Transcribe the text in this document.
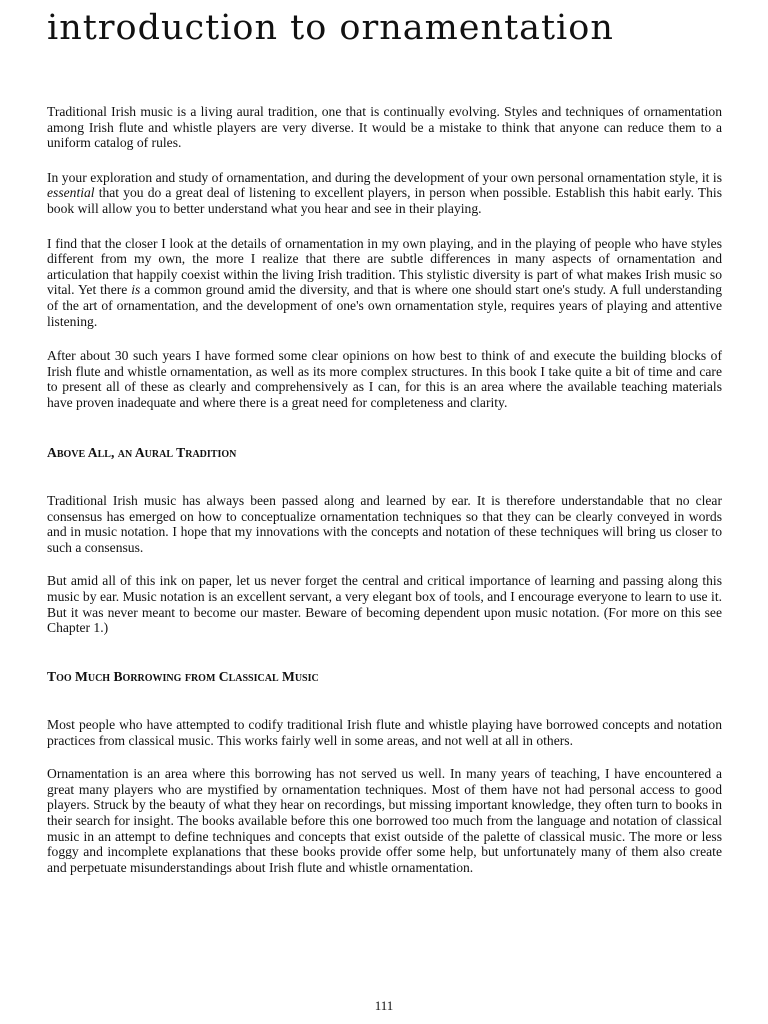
introduction to ornamentation

Traditional Irish music is a living aural tradition, one that is continually evolving. Styles and techniques of ornamentation among Irish flute and whistle players are very diverse. It would be a mistake to think that anyone can reduce them to a uniform catalog of rules.

In your exploration and study of ornamentation, and during the development of your own personal ornamentation style, it is essential that you do a great deal of listening to excellent players, in person when possible. Establish this habit early. This book will allow you to better understand what you hear and see in their playing.

I find that the closer I look at the details of ornamentation in my own playing, and in the playing of people who have styles different from my own, the more I realize that there are subtle differences in many aspects of ornamentation and articulation that happily coexist within the living Irish tradition. This stylistic diversity is part of what makes Irish music so vital. Yet there is a common ground amid the diversity, and that is where one should start one's study. A full understanding of the art of ornamentation, and the development of one's own ornamentation style, requires years of playing and attentive listening.

After about 30 such years I have formed some clear opinions on how best to think of and execute the building blocks of Irish flute and whistle ornamentation, as well as its more complex structures. In this book I take quite a bit of time and care to present all of these as clearly and comprehensively as I can, for this is an area where the available teaching materials have proven inadequate and where there is a great need for completeness and clarity.

Above All, an Aural Tradition

Traditional Irish music has always been passed along and learned by ear. It is therefore understandable that no clear consensus has emerged on how to conceptualize ornamentation techniques so that they can be clearly conveyed in words and in music notation. I hope that my innovations with the concepts and notation of these techniques will bring us closer to such a consensus.

But amid all of this ink on paper, let us never forget the central and critical importance of learning and passing along this music by ear. Music notation is an excellent servant, a very elegant box of tools, and I encourage everyone to learn to use it. But it was never meant to become our master. Beware of becoming dependent upon music notation. (For more on this see Chapter 1.)

Too Much Borrowing from Classical Music

Most people who have attempted to codify traditional Irish flute and whistle playing have borrowed concepts and notation practices from classical music. This works fairly well in some areas, and not well at all in others.

Ornamentation is an area where this borrowing has not served us well. In many years of teaching, I have encountered a great many players who are mystified by ornamentation techniques. Most of them have not had personal access to good players. Struck by the beauty of what they hear on recordings, but missing important knowledge, they often turn to books in their search for insight. The books available before this one borrowed too much from the language and notation of classical music in an attempt to define techniques and concepts that exist outside of the palette of classical music. The more or less foggy and incomplete explanations that these books provide offer some help, but unfortunately many of them also create and perpetuate misunderstandings about Irish flute and whistle ornamentation.

111
